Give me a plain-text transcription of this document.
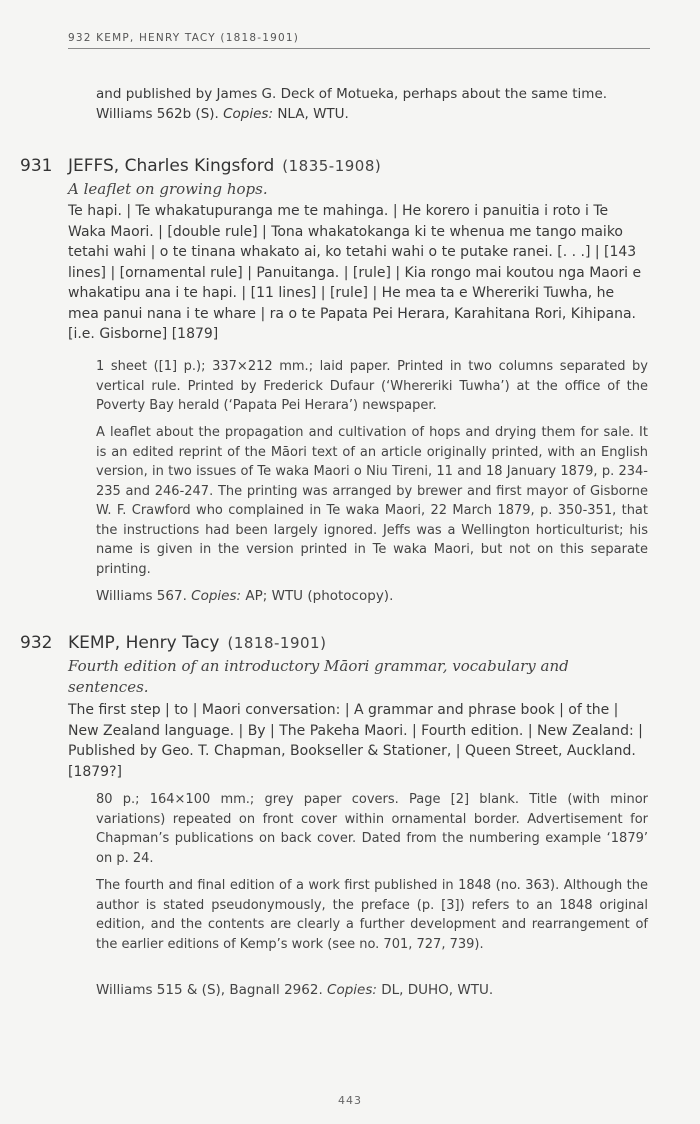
932 KEMP, HENRY TACY (1818-1901)

and published by James G. Deck of Motueka, perhaps about the same time.
Williams 562b (S). Copies: NLA, WTU.

931 JEFFS, Charles Kingsford (1835-1908)

A leaflet on growing hops.

Te hapi. | Te whakatupuranga me te mahinga. | He korero i panuitia i roto i Te Waka Maori. | [double rule] | Tona whakatokanga ki te whenua me tango maiko tetahi wahi | o te tinana whakato ai, ko tetahi wahi o te putake ranei. [. . .] | [143 lines] | [ornamental rule] | Panuitanga. | [rule] | Kia rongo mai koutou nga Maori e whakatipu ana i te hapi. | [11 lines] | [rule] | He mea ta e Whereriki Tuwha, he mea panui nana i te whare | ra o te Papata Pei Herara, Karahitana Rori, Kihipana. [i.e. Gisborne] [1879]

1 sheet ([1] p.); 337×212 mm.; laid paper. Printed in two columns separated by vertical rule. Printed by Frederick Dufaur (‘Whereriki Tuwha’) at the office of the Poverty Bay herald (‘Papata Pei Herara’) newspaper.

A leaflet about the propagation and cultivation of hops and drying them for sale. It is an edited reprint of the Māori text of an article originally printed, with an English version, in two issues of Te waka Maori o Niu Tireni, 11 and 18 January 1879, p. 234-235 and 246-247. The printing was arranged by brewer and first mayor of Gisborne W. F. Crawford who complained in Te waka Maori, 22 March 1879, p. 350-351, that the instructions had been largely ignored. Jeffs was a Wellington horticulturist; his name is given in the version printed in Te waka Maori, but not on this separate printing.

Williams 567. Copies: AP; WTU (photocopy).

932 KEMP, Henry Tacy (1818-1901)

Fourth edition of an introductory Māori grammar, vocabulary and sentences.

The first step | to | Maori conversation: | A grammar and phrase book | of the | New Zealand language. | By | The Pakeha Maori. | Fourth edition. | New Zealand: | Published by Geo. T. Chapman, Bookseller & Stationer, | Queen Street, Auckland. [1879?]

80 p.; 164×100 mm.; grey paper covers. Page [2] blank. Title (with minor variations) repeated on front cover within ornamental border. Advertisement for Chapman’s publications on back cover. Dated from the numbering example ‘1879’ on p. 24.

The fourth and final edition of a work first published in 1848 (no. 363). Although the author is stated pseudonymously, the preface (p. [3]) refers to an 1848 original edition, and the contents are clearly a further development and rearrangement of the earlier editions of Kemp’s work (see no. 701, 727, 739).

Williams 515 & (S), Bagnall 2962. Copies: DL, DUHO, WTU.

443
